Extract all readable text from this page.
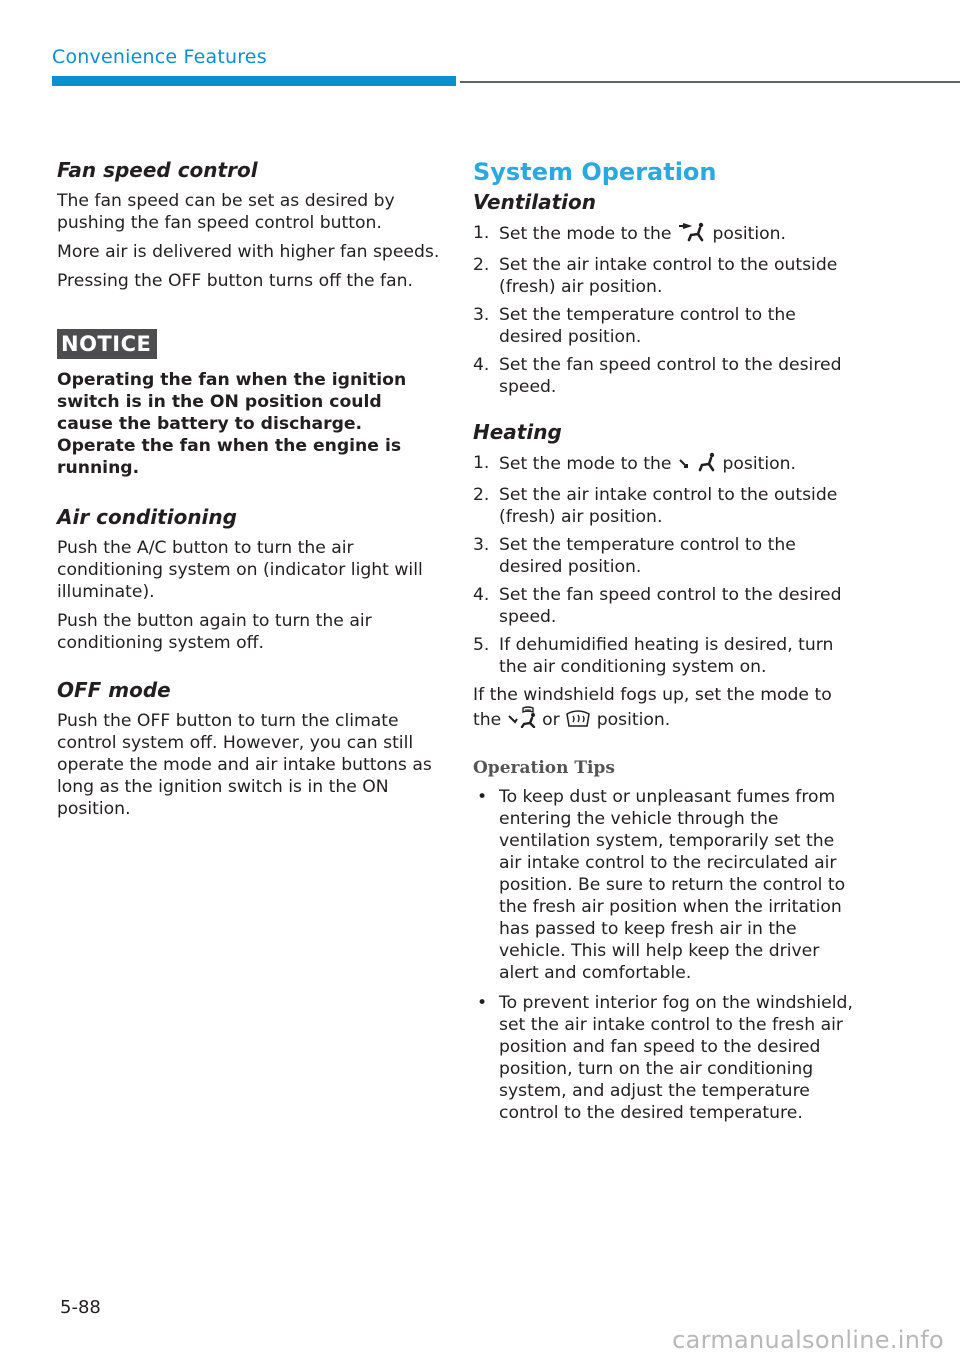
Convenience Features
Fan speed control

The fan speed can be set as desired by pushing the fan speed control button.

More air is delivered with higher fan speeds.

Pressing the OFF button turns off the fan.

NOTICE

Operating the fan when the ignition switch is in the ON position could cause the battery to discharge. Operate the fan when the engine is running.

Air conditioning

Push the A/C button to turn the air conditioning system on (indicator light will illuminate).

Push the button again to turn the air conditioning system off.

OFF mode

Push the OFF button to turn the climate control system off. However, you can still operate the mode and air intake buttons as long as the ignition switch is in the ON position.

System Operation
Ventilation
1. Set the mode to the position.
2. Set the air intake control to the outside (fresh) air position.
3. Set the temperature control to the desired position.
4. Set the fan speed control to the desired speed.
Heating
1. Set the mode to the	position.
2. Set the air intake control to the outside (fresh) air position.
3. Set the temperature control to the desired position.
4. Set the fan speed control to the desired speed.
5. If dehumidified heating is desired, turn the air conditioning system on.

If the windshield fogs up, set the mode to the or position.

Operation Tips
• To keep dust or unpleasant fumes from entering the vehicle through the ventilation system, temporarily set the air intake control to the recirculated air position. Be sure to return the control to the fresh air position when the irritation has passed to keep fresh air in the vehicle. This will help keep the driver alert and comfortable.
• To prevent interior fog on the windshield, set the air intake control to the fresh air position and fan speed to the desired position, turn on the air conditioning system, and adjust the temperature control to the desired temperature.
5-88
carmanualsonline.info
